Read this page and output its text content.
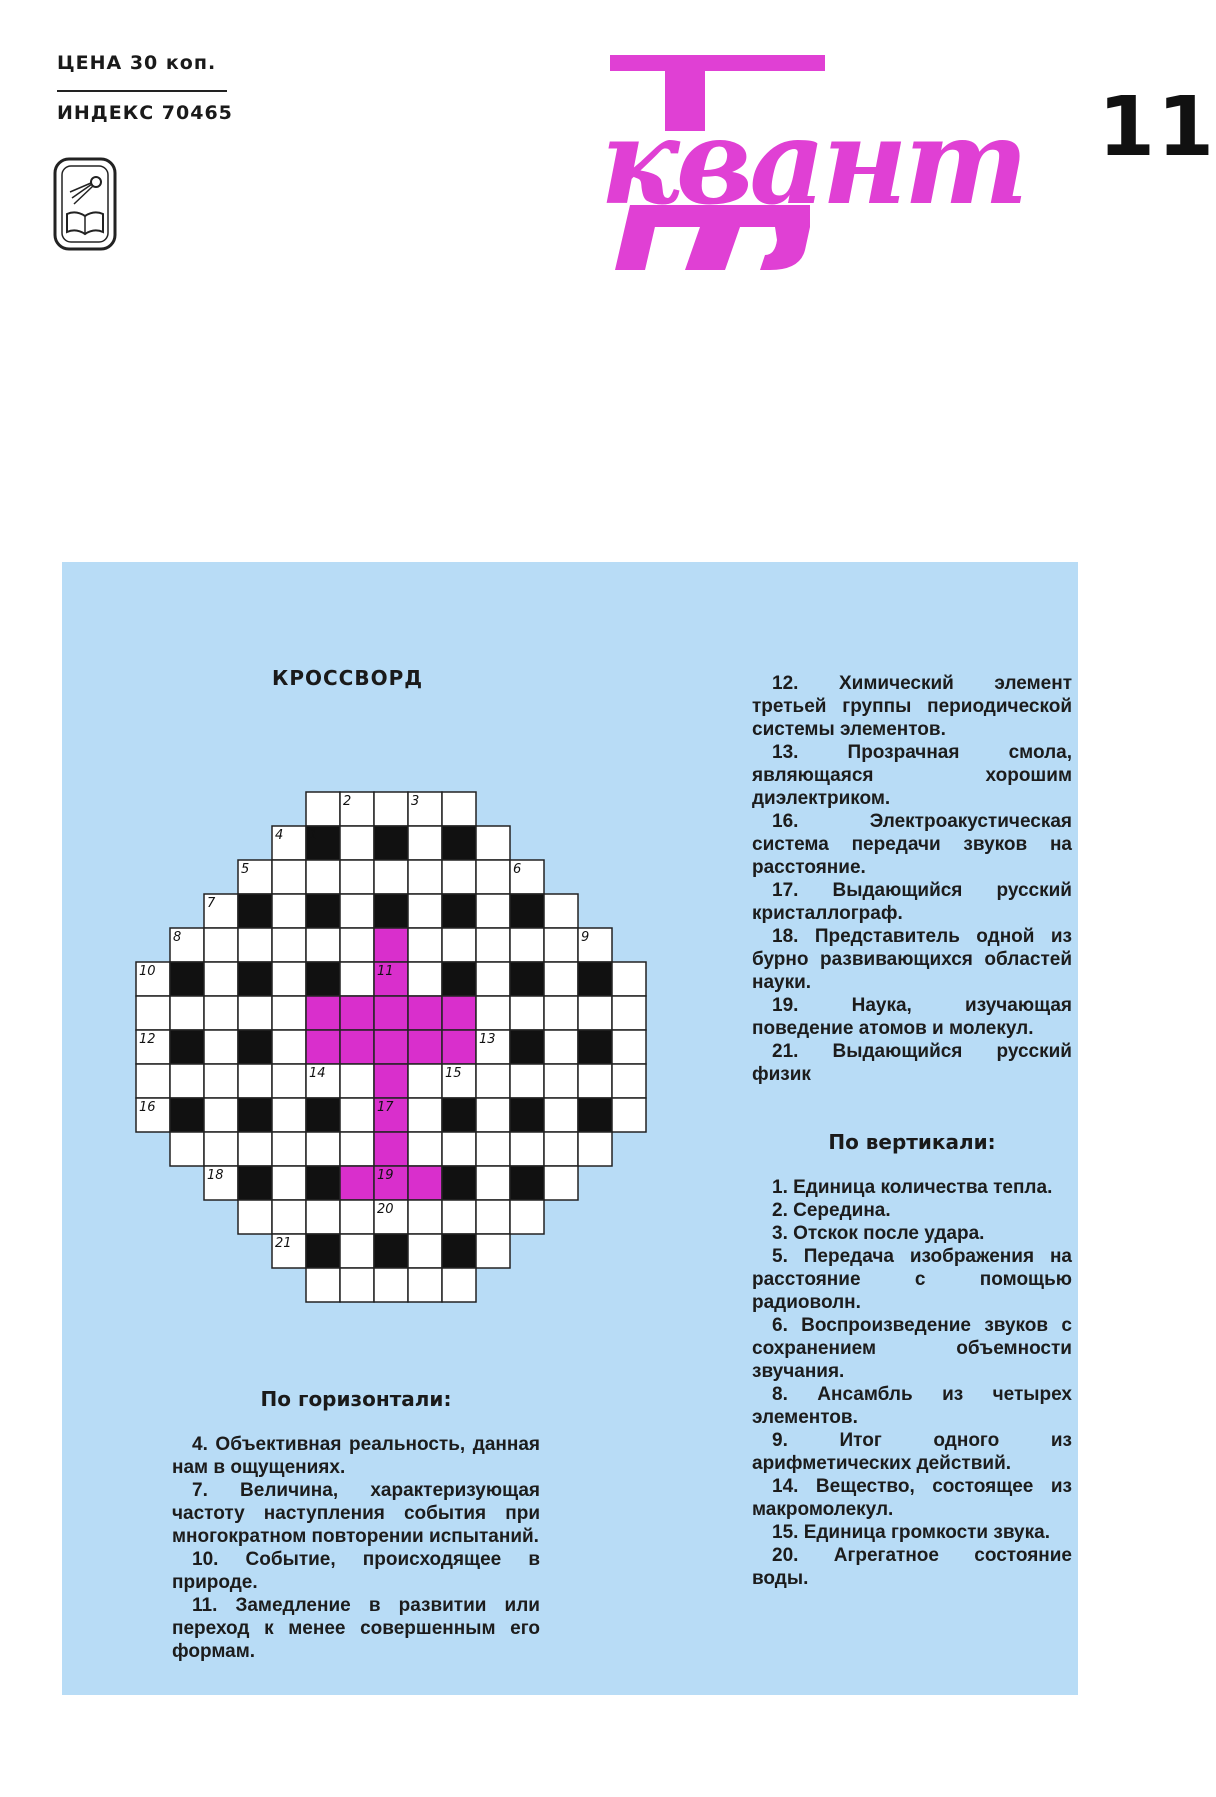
ЦЕНА 30 коп.
ИНДЕКС 70465	квант 11
КРОССВОРД
2	3
4 1
5	6
7
8	9
10	11
12	13
14	15
16	17
18	19
20
21
По горизонтали:

4. Объективная реальность, данная нам в ощущениях.

7. Величина, характеризующая частоту наступления события при многократном повторении испытаний.

10. Событие, происходящее в природе.

11. Замедление в развитии или переход к менее совершенным его формам.

12. Химический элемент третьей группы периодической системы элементов.

13. Прозрачная смола, являющаяся хорошим диэлектриком.

16. Электроакустическая система передачи звуков на расстояние.

17. Выдающийся русский кристаллограф.

18. Представитель одной из бурно развивающихся областей науки.

19. Наука, изучающая поведение атомов и молекул.

21. Выдающийся русский физик

По вертикали:

1. Единица количества тепла.

2. Середина.

3. Отскок после удара.

5. Передача изображения на расстояние с помощью радиоволн.

6. Воспроизведение звуков с сохранением объемности звучания.

8. Ансамбль из четырех элементов.

9. Итог одного из арифметических действий.

14. Вещество, состоящее из макромолекул.

15. Единица громкости звука.

20. Агрегатное состояние воды.
